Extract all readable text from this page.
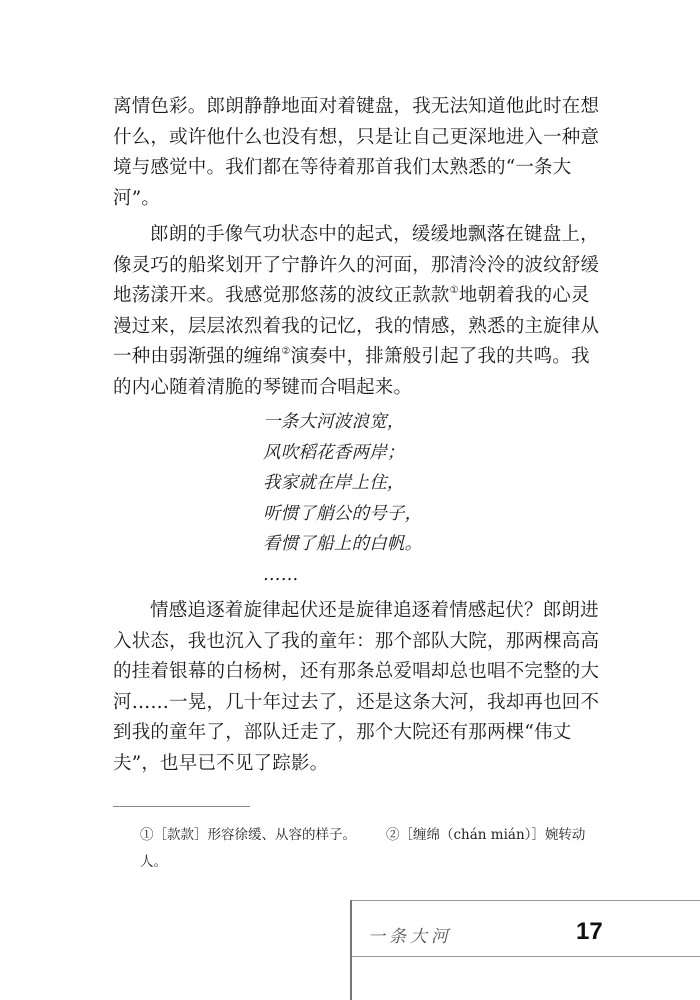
离情色彩。郎朗静静地面对着键盘，我无法知道他此时在想什么，或许他什么也没有想，只是让自己更深地进入一种意境与感觉中。我们都在等待着那首我们太熟悉的“一条大河”。

郎朗的手像气功状态中的起式，缓缓地飘落在键盘上，像灵巧的船桨划开了宁静许久的河面，那清泠泠的波纹舒缓地荡漾开来。我感觉那悠荡的波纹正款款①地朝着我的心灵漫过来，层层浓烈着我的记忆，我的情感，熟悉的主旋律从一种由弱渐强的缠绵②演奏中，排箫般引起了我的共鸣。我的内心随着清脆的琴键而合唱起来。

一条大河波浪宽，
风吹稻花香两岸；
我家就在岸上住，
听惯了艄公的号子，
看惯了船上的白帆。
……

情感追逐着旋律起伏还是旋律追逐着情感起伏？郎朗进入状态，我也沉入了我的童年：那个部队大院，那两棵高高的挂着银幕的白杨树，还有那条总爱唱却总也唱不完整的大河……一晃，几十年过去了，还是这条大河，我却再也回不到我的童年了，部队迁走了，那个大院还有那两棵“伟丈夫”，也早已不见了踪影。

①［款款］形容徐缓、从容的样子。 ②［缠绵（chán mián）］婉转动人。
一条大河	17
